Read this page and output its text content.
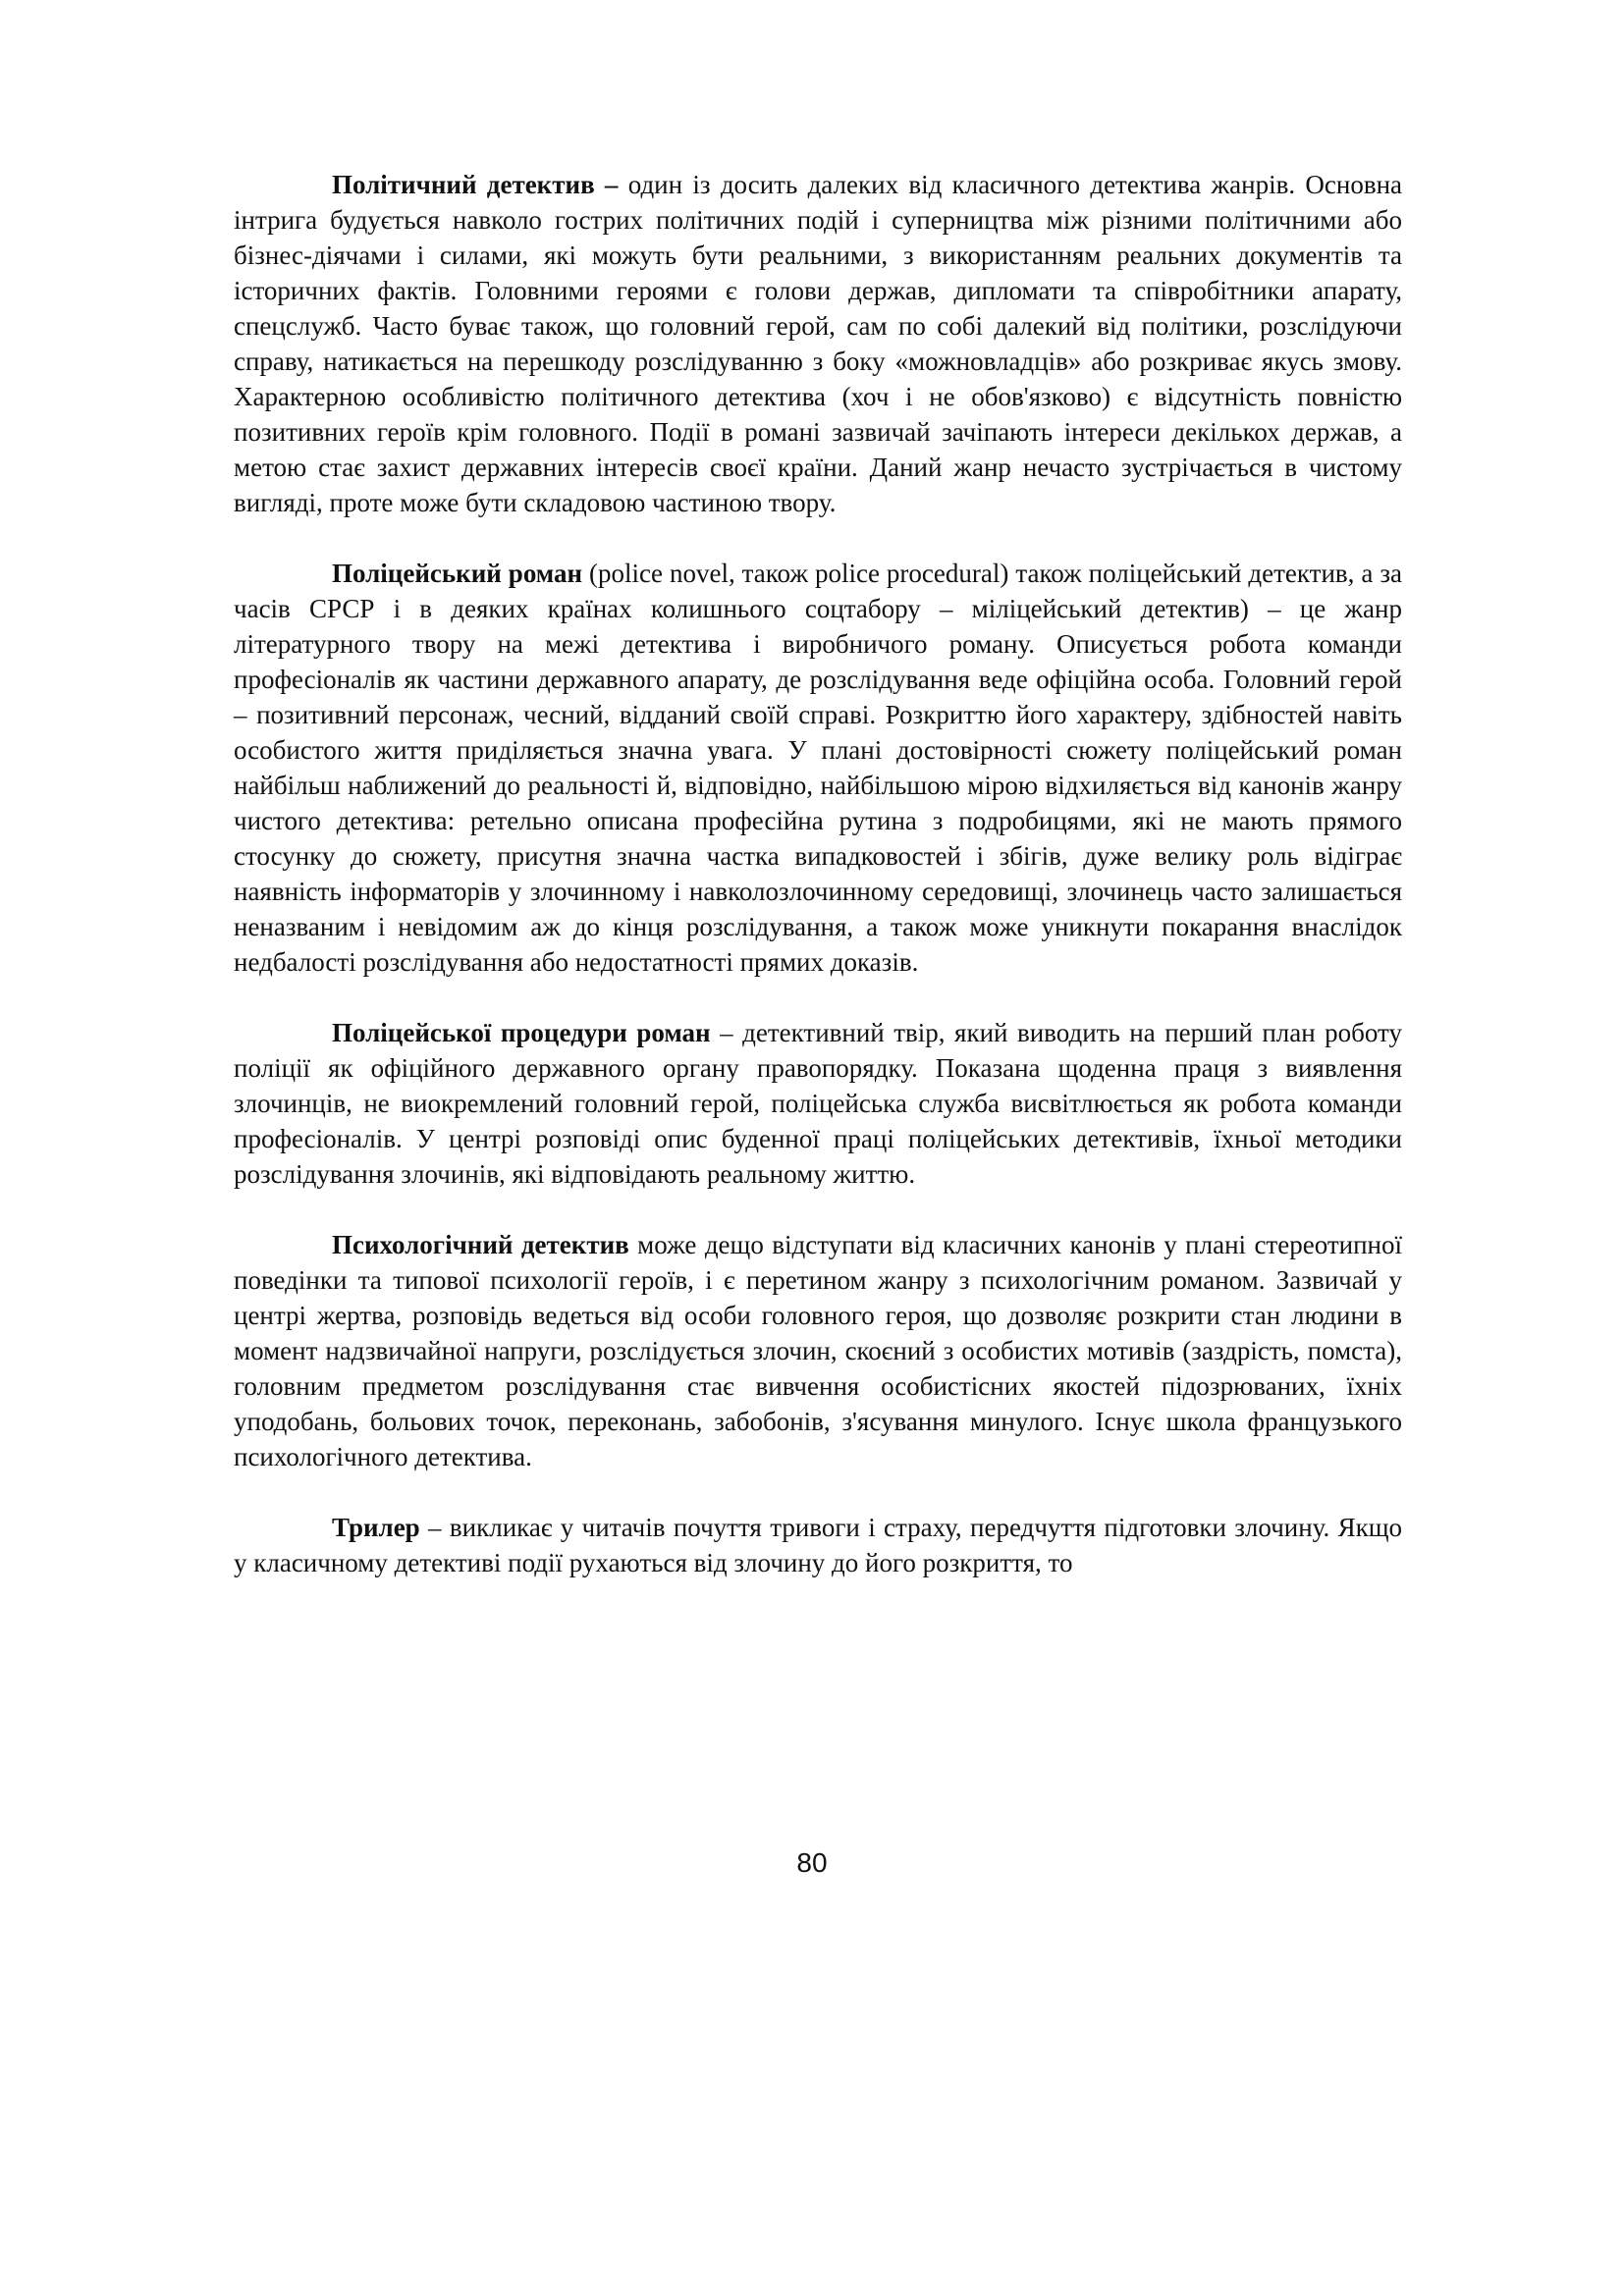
Політичний детектив – один із досить далеких від класичного детектива жанрів. Основна інтрига будується навколо гострих політичних подій і суперництва між різними політичними або бізнес-діячами і силами, які можуть бути реальними, з використанням реальних документів та історичних фактів. Головними героями є голови держав, дипломати та співробітники апарату, спецслужб. Часто буває також, що головний герой, сам по собі далекий від політики, розслідуючи справу, натикається на перешкоду розслідуванню з боку «можновладців» або розкриває якусь змову. Характерною особливістю політичного детектива (хоч і не обов'язково) є відсутність повністю позитивних героїв крім головного. Події в романі зазвичай зачіпають інтереси декількох держав, а метою стає захист державних інтересів своєї країни. Даний жанр нечасто зустрічається в чистому вигляді, проте може бути складовою частиною твору.

Поліцейський роман (police novel, також police procedural) також поліцейський детектив, а за часів СРСР і в деяких країнах колишнього соцтабору – міліцейський детектив) – це жанр літературного твору на межі детектива і виробничого роману. Описується робота команди професіоналів як частини державного апарату, де розслідування веде офіційна особа. Головний герой – позитивний персонаж, чесний, відданий своїй справі. Розкриттю його характеру, здібностей навіть особистого життя приділяється значна увага. У плані достовірності сюжету поліцейський роман найбільш наближений до реальності й, відповідно, найбільшою мірою відхиляється від канонів жанру чистого детектива: ретельно описана професійна рутина з подробицями, які не мають прямого стосунку до сюжету, присутня значна частка випадковостей і збігів, дуже велику роль відіграє наявність інформаторів у злочинному і навколозлочинному середовищі, злочинець часто залишається неназваним і невідомим аж до кінця розслідування, а також може уникнути покарання внаслідок недбалості розслідування або недостатності прямих доказів.

Поліцейської процедури роман – детективний твір, який виводить на перший план роботу поліції як офіційного державного органу правопорядку. Показана щоденна праця з виявлення злочинців, не виокремлений головний герой, поліцейська служба висвітлюється як робота команди професіоналів. У центрі розповіді опис буденної праці поліцейських детективів, їхньої методики розслідування злочинів, які відповідають реальному життю.

Психологічний детектив може дещо відступати від класичних канонів у плані стереотипної поведінки та типової психології героїв, і є перетином жанру з психологічним романом. Зазвичай у центрі жертва, розповідь ведеться від особи головного героя, що дозволяє розкрити стан людини в момент надзвичайної напруги, розслідується злочин, скоєний з особистих мотивів (заздрість, помста), головним предметом розслідування стає вивчення особистісних якостей підозрюваних, їхніх уподобань, больових точок, переконань, забобонів, з'ясування минулого. Існує школа французького психологічного детектива.

Трилер – викликає у читачів почуття тривоги і страху, передчуття підготовки злочину. Якщо у класичному детективі події рухаються від злочину до його розкриття, то

80
